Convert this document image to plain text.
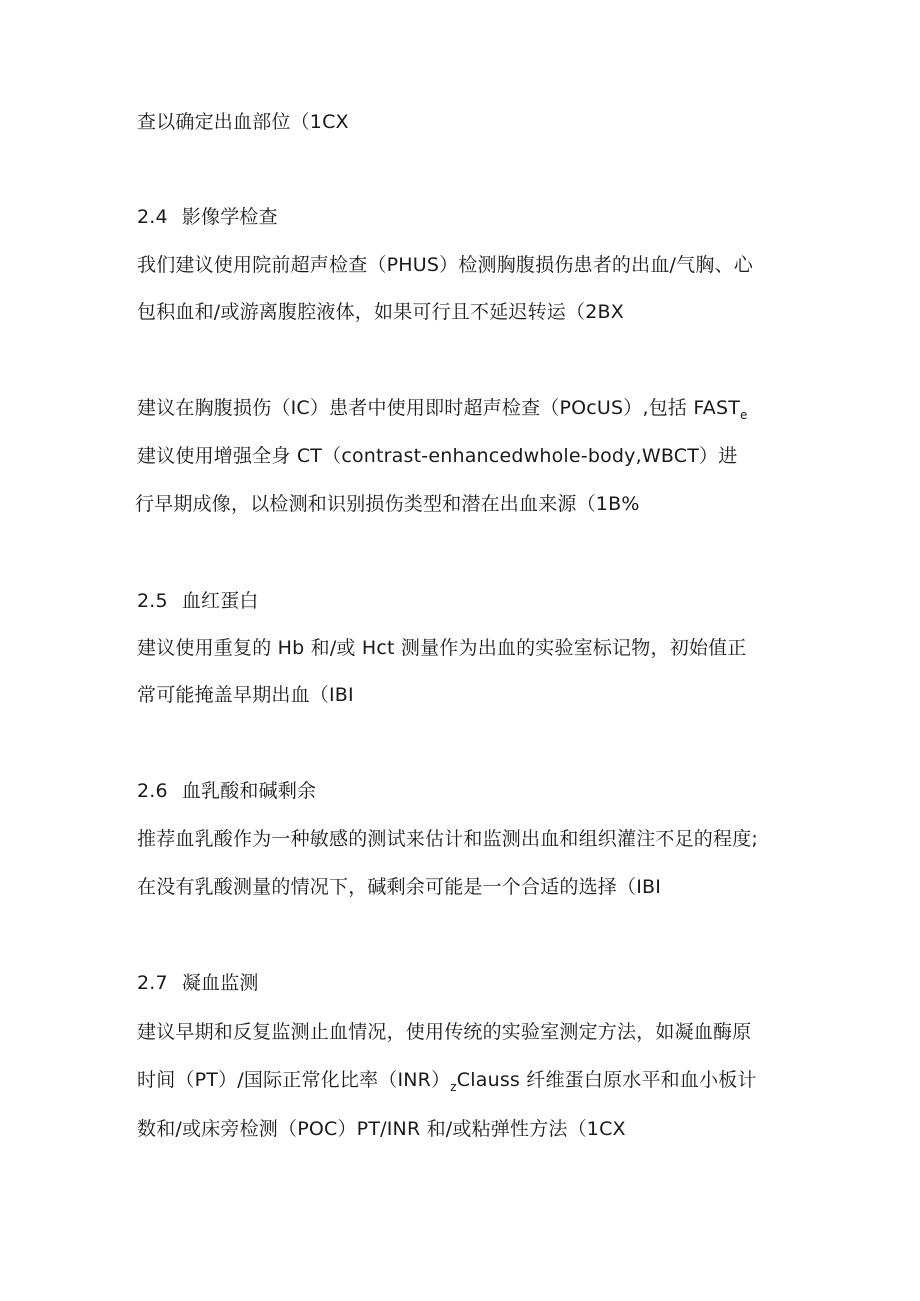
查以确定出血部位（1CX
2.4 影像学检查
我们建议使用院前超声检查（PHUS）检测胸腹损伤患者的出血/气胸、心
包积血和/或游离腹腔液体，如果可行且不延迟转运（2BX
建议在胸腹损伤（IC）患者中使用即时超声检查（POcUS）,包括 $FAST_e$
建议使用增强全身 CT（contrast-enhancedwhole-body,WBCT）进
行早期成像，以检测和识别损伤类型和潜在出血来源（1B%
2.5 血红蛋白
建议使用重复的 Hb 和/或 Hct 测量作为出血的实验室标记物，初始值正
常可能掩盖早期出血（IBI
2.6 血乳酸和碱剩余
推荐血乳酸作为一种敏感的测试来估计和监测出血和组织灌注不足的程度;
在没有乳酸测量的情况下，碱剩余可能是一个合适的选择（IBI
2.7 凝血监测
建议早期和反复监测止血情况，使用传统的实验室测定方法，如凝血酶原
时间（PT）/国际正常化比率$(INR)_zClauss$ 纤维蛋白原水平和血小板计
数和/或床旁检测（POC）PT/INR 和/或粘弹性方法（1CX
